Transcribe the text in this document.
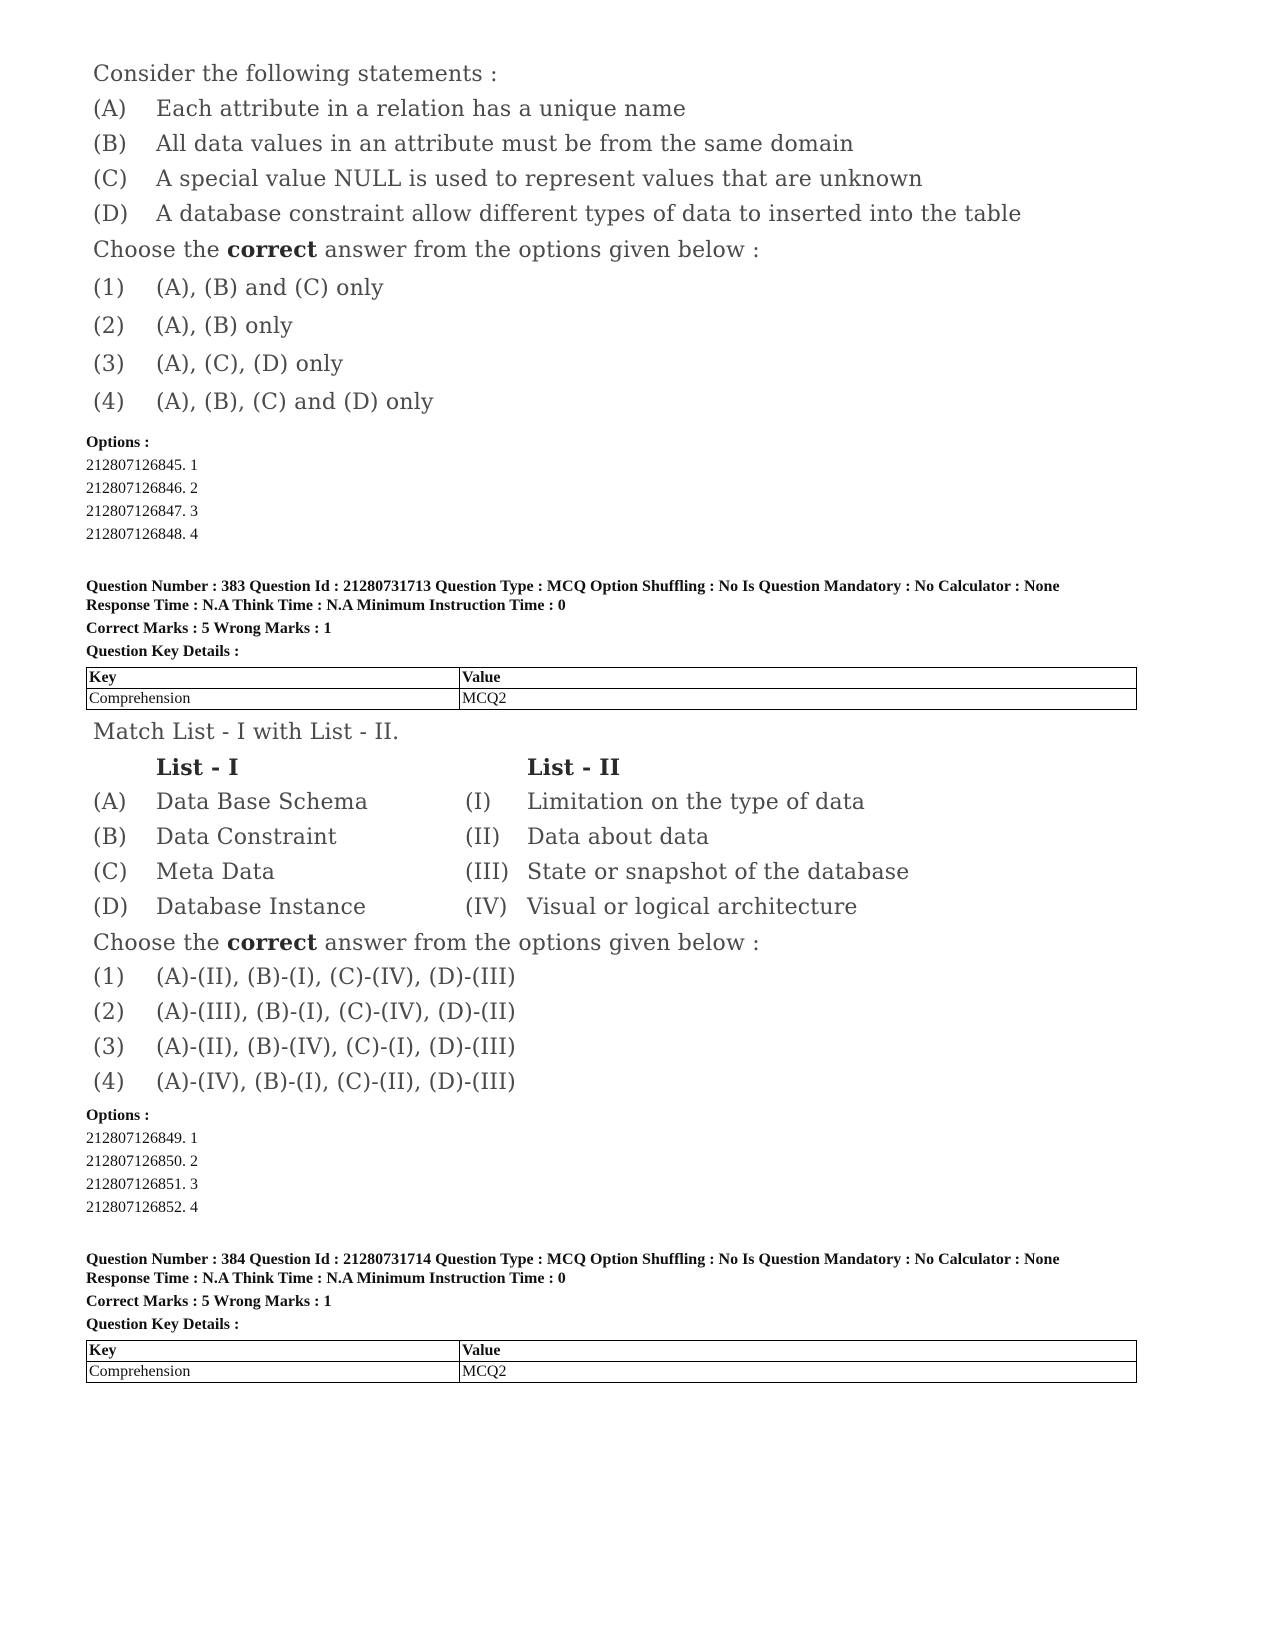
Consider the following statements :
(A) Each attribute in a relation has a unique name
(B) All data values in an attribute must be from the same domain
(C) A special value NULL is used to represent values that are unknown
(D) A database constraint allow different types of data to inserted into the table
Choose the correct answer from the options given below :
(1) (A), (B) and (C) only
(2) (A), (B) only
(3) (A), (C), (D) only
(4) (A), (B), (C) and (D) only
Options :
212807126845. 1
212807126846. 2
212807126847. 3
212807126848. 4
Question Number : 383 Question Id : 21280731713 Question Type : MCQ Option Shuffling : No Is Question Mandatory : No Calculator : None
Response Time : N.A Think Time : N.A Minimum Instruction Time : 0
Correct Marks : 5 Wrong Marks : 1
Question Key Details :
Key	Value
Comprehension	MCQ2
Match List - I with List - II.
List - I	List - II
(A) Data Base Schema	(I) Limitation on the type of data
(B) Data Constraint	(II) Data about data
(C) Meta Data	(III) State or snapshot of the database
(D) Database Instance	(IV) Visual or logical architecture
Choose the correct answer from the options given below :
(1) (A)-(II), (B)-(I), (C)-(IV), (D)-(III)
(2) (A)-(III), (B)-(I), (C)-(IV), (D)-(II)
(3) (A)-(II), (B)-(IV), (C)-(I), (D)-(III)
(4) (A)-(IV), (B)-(I), (C)-(II), (D)-(III)
Options :
212807126849. 1
212807126850. 2
212807126851. 3
212807126852. 4
Question Number : 384 Question Id : 21280731714 Question Type : MCQ Option Shuffling : No Is Question Mandatory : No Calculator : None
Response Time : N.A Think Time : N.A Minimum Instruction Time : 0
Correct Marks : 5 Wrong Marks : 1
Question Key Details :
Key	Value
Comprehension	MCQ2
